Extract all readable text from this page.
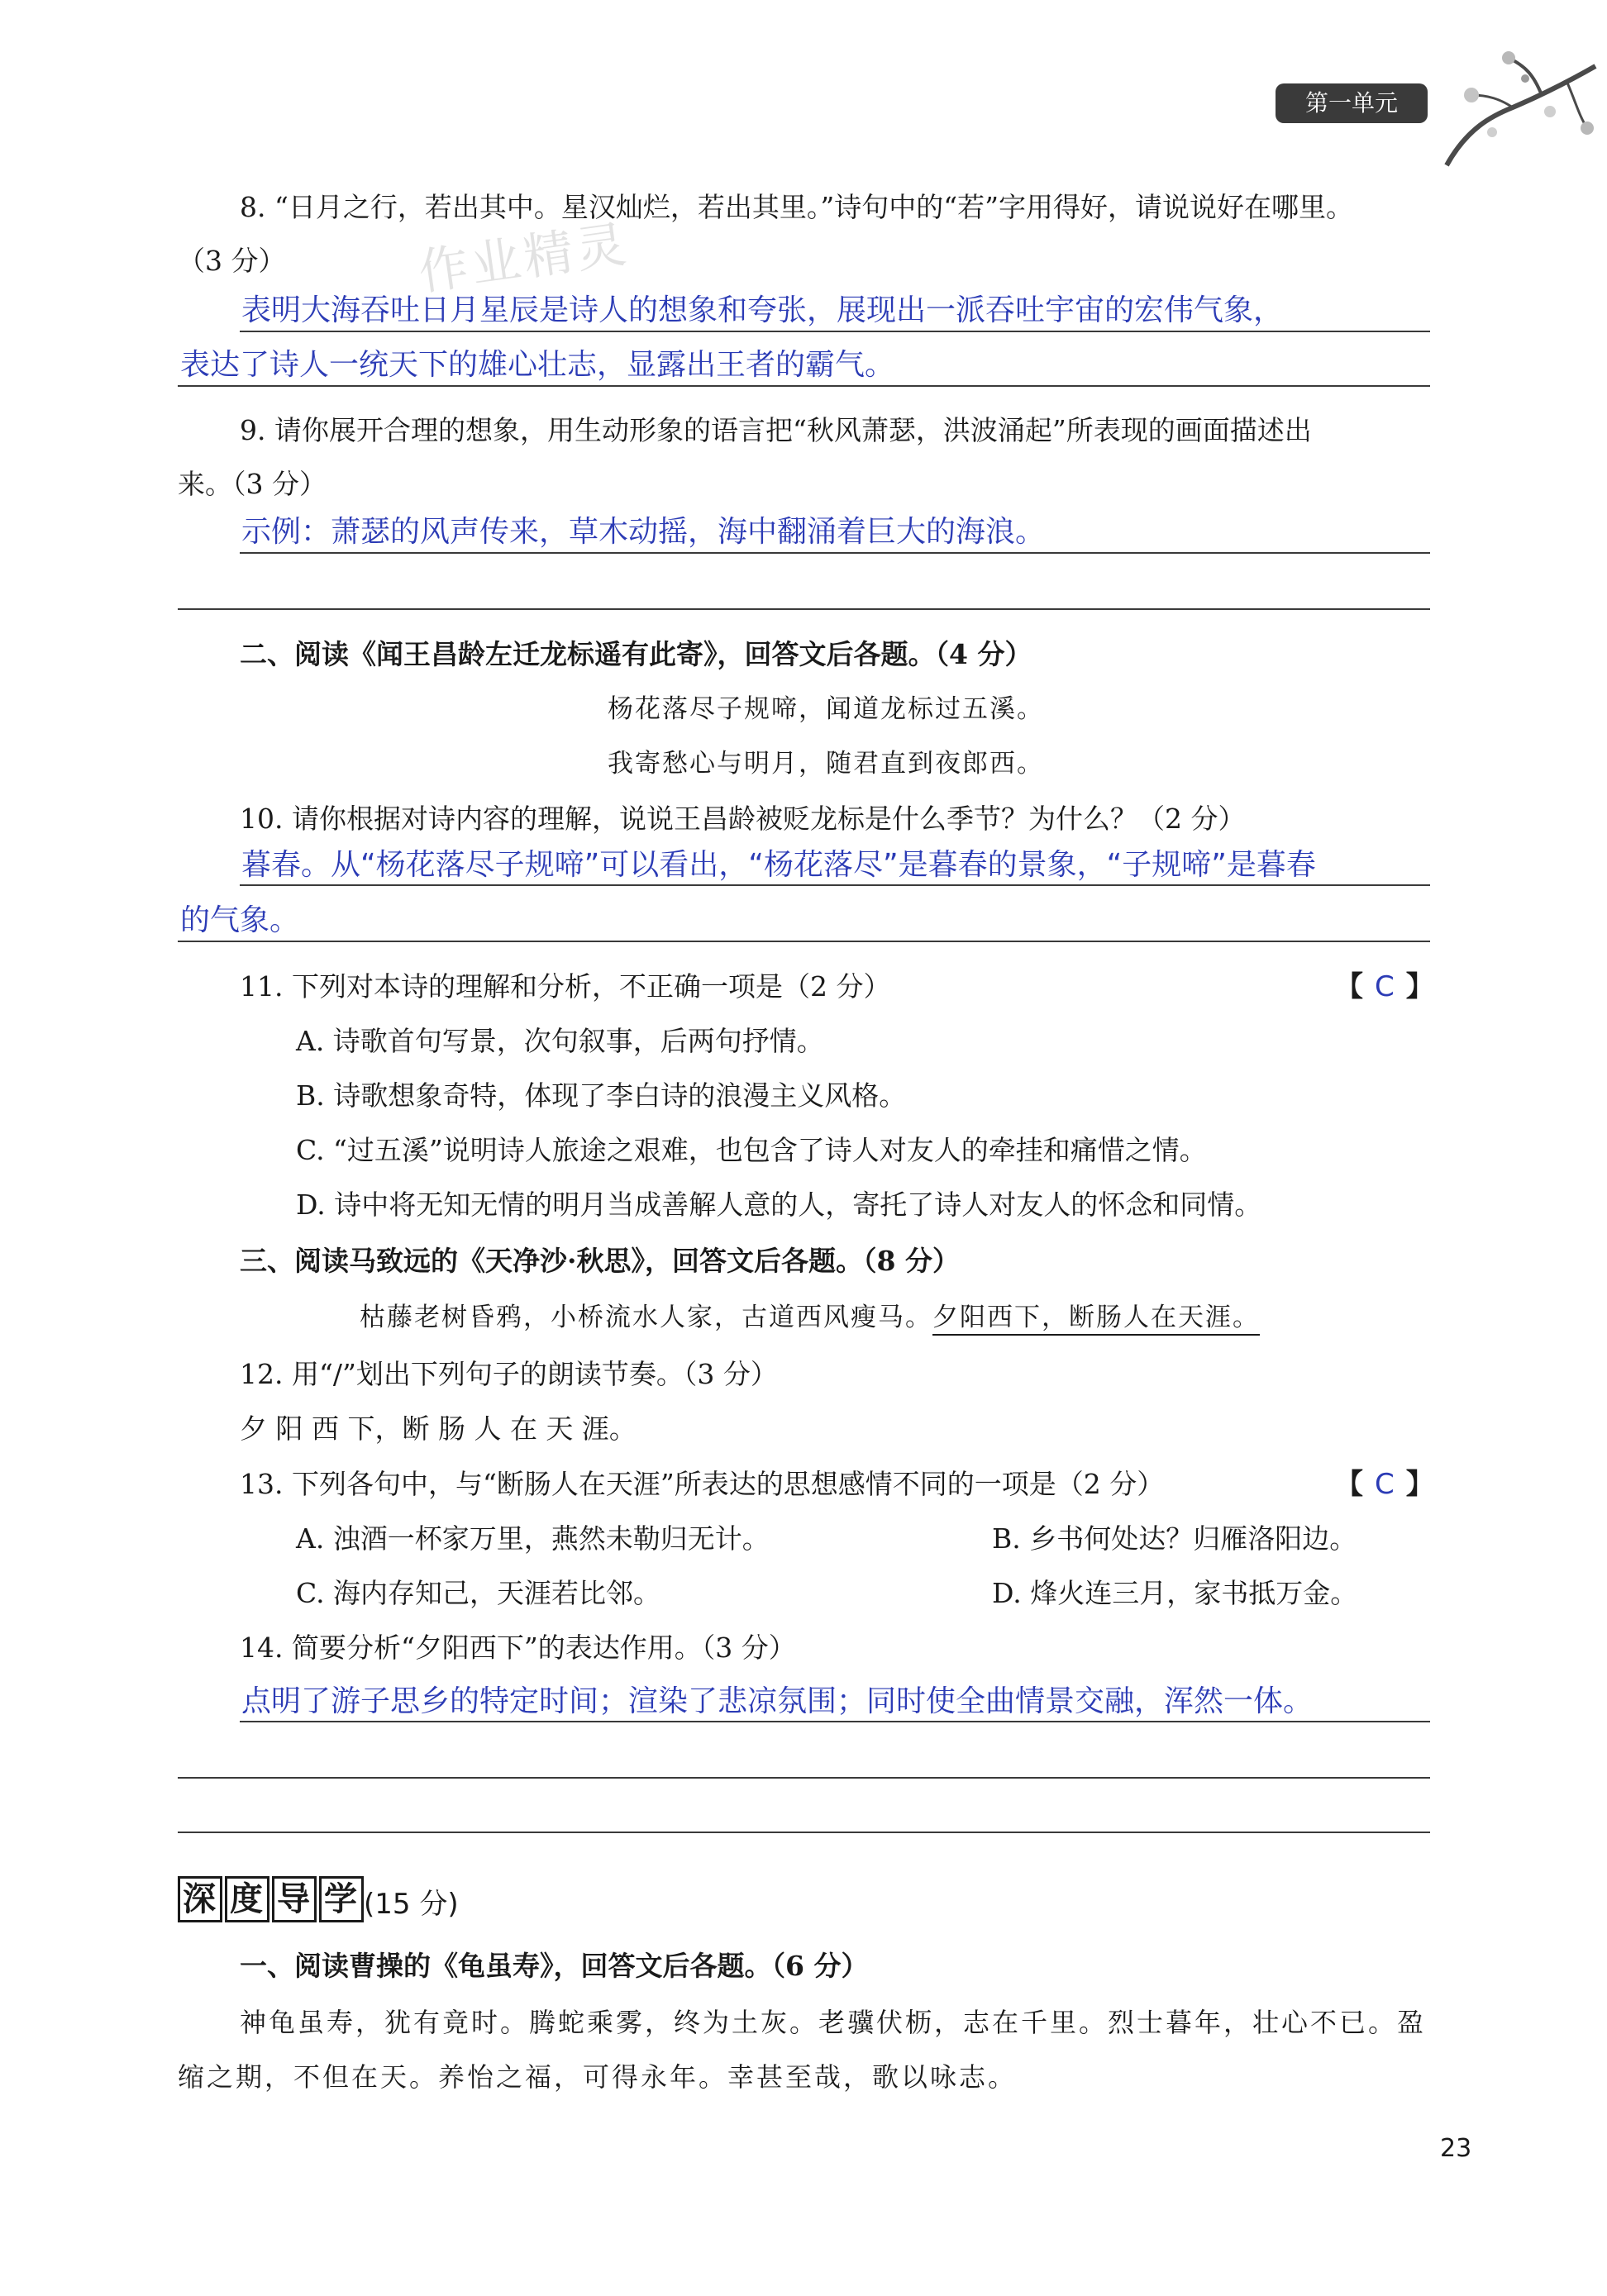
第一单元
作业精灵
8. “日月之行，若出其中。星汉灿烂，若出其里。”诗句中的“若”字用得好，请说说好在哪里。
（3 分）
表明大海吞吐日月星辰是诗人的想象和夸张，展现出一派吞吐宇宙的宏伟气象，
表达了诗人一统天下的雄心壮志，显露出王者的霸气。
9. 请你展开合理的想象，用生动形象的语言把“秋风萧瑟，洪波涌起”所表现的画面描述出
来。（3 分）
示例：萧瑟的风声传来，草木动摇，海中翻涌着巨大的海浪。
二、阅读《闻王昌龄左迁龙标遥有此寄》，回答文后各题。（4 分）
杨花落尽子规啼，闻道龙标过五溪。
我寄愁心与明月，随君直到夜郎西。
10. 请你根据对诗内容的理解，说说王昌龄被贬龙标是什么季节？为什么？（2 分）
暮春。从“杨花落尽子规啼”可以看出，“杨花落尽”是暮春的景象，“子规啼”是暮春
的气象。
11. 下列对本诗的理解和分析，不正确一项是（2 分）	【 C 】
A. 诗歌首句写景，次句叙事，后两句抒情。
B. 诗歌想象奇特，体现了李白诗的浪漫主义风格。
C. “过五溪”说明诗人旅途之艰难，也包含了诗人对友人的牵挂和痛惜之情。
D. 诗中将无知无情的明月当成善解人意的人，寄托了诗人对友人的怀念和同情。
三、阅读马致远的《天净沙·秋思》，回答文后各题。（8 分）
枯藤老树昏鸦，小桥流水人家，古道西风瘦马。夕阳西下，断肠人在天涯。
12. 用“/”划出下列句子的朗读节奏。（3 分）
夕 阳 西 下，断 肠 人 在 天 涯。
13. 下列各句中，与“断肠人在天涯”所表达的思想感情不同的一项是（2 分）	【 C 】
A. 浊酒一杯家万里，燕然未勒归无计。	B. 乡书何处达？归雁洛阳边。
C. 海内存知己，天涯若比邻。	D. 烽火连三月，家书抵万金。
14. 简要分析“夕阳西下”的表达作用。（3 分）
点明了游子思乡的特定时间；渲染了悲凉氛围；同时使全曲情景交融，浑然一体。
深 度 导 学 (15 分)
一、阅读曹操的《龟虽寿》，回答文后各题。（6 分）
神龟虽寿，犹有竟时。腾蛇乘雾，终为土灰。老骥伏枥，志在千里。烈士暮年，壮心不已。盈
缩之期，不但在天。养怡之福，可得永年。幸甚至哉，歌以咏志。
23
